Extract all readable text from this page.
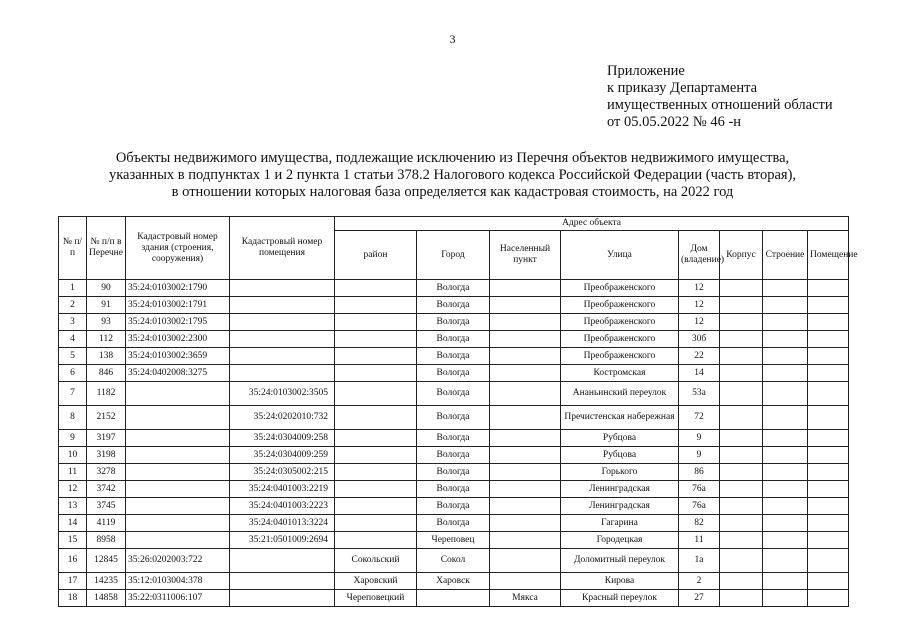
3
Приложение
к приказу Департамента
имущественных отношений области
от 05.05.2022 № 46 -н
Объекты недвижимого имущества, подлежащие исключению из Перечня объектов недвижимого имущества,
указанных в подпунктах 1 и 2 пункта 1 статьи 378.2 Налогового кодекса Российской Федерации (часть вторая),
в отношении которых налоговая база определяется как кадастровая стоимость, на 2022 год
№ п/п	№ п/п в Перечне	Кадастровый номер здания (строения, сооружения)	Кадастровый номер помещения	Адрес объекта							
				район	Город	Населенный пункт	Улица	Дом (владение)	Корпус	Строение	Помещение
1	90	35:24:0103002:1790			Вологда		Преображенского	12			
2	91	35:24:0103002:1791			Вологда		Преображенского	12			
3	93	35:24:0103002:1795			Вологда		Преображенского	12			
4	112	35:24:0103002:2300			Вологда		Преображенского	30б			
5	138	35:24:0103002:3659			Вологда		Преображенского	22			
6	846	35:24:0402008:3275			Вологда		Костромская	14			
7	1182		35:24:0103002:3505		Вологда		Ананьинский переулок	53а			
8	2152		35:24:0202010:732		Вологда		Пречистенская набережная	72			
9	3197		35:24:0304009:258		Вологда		Рубцова	9			
10	3198		35:24:0304009:259		Вологда		Рубцова	9			
11	3278		35:24:0305002:215		Вологда		Горького	86			
12	3742		35:24:0401003:2219		Вологда		Ленинградская	76а			
13	3745		35:24:0401003:2223		Вологда		Ленинградская	76а			
14	4119		35:24:0401013:3224		Вологда		Гагарина	82			
15	8958		35:21:0501009:2694		Череповец		Городецкая	11			
16	12845	35:26:0202003:722		Сокольский	Сокол		Доломитный переулок	1а			
17	14235	35:12:0103004:378		Харовский	Харовск		Кирова	2			
18	14858	35:22:0311006:107		Череповецкий		Мякса	Красный переулок	27			
